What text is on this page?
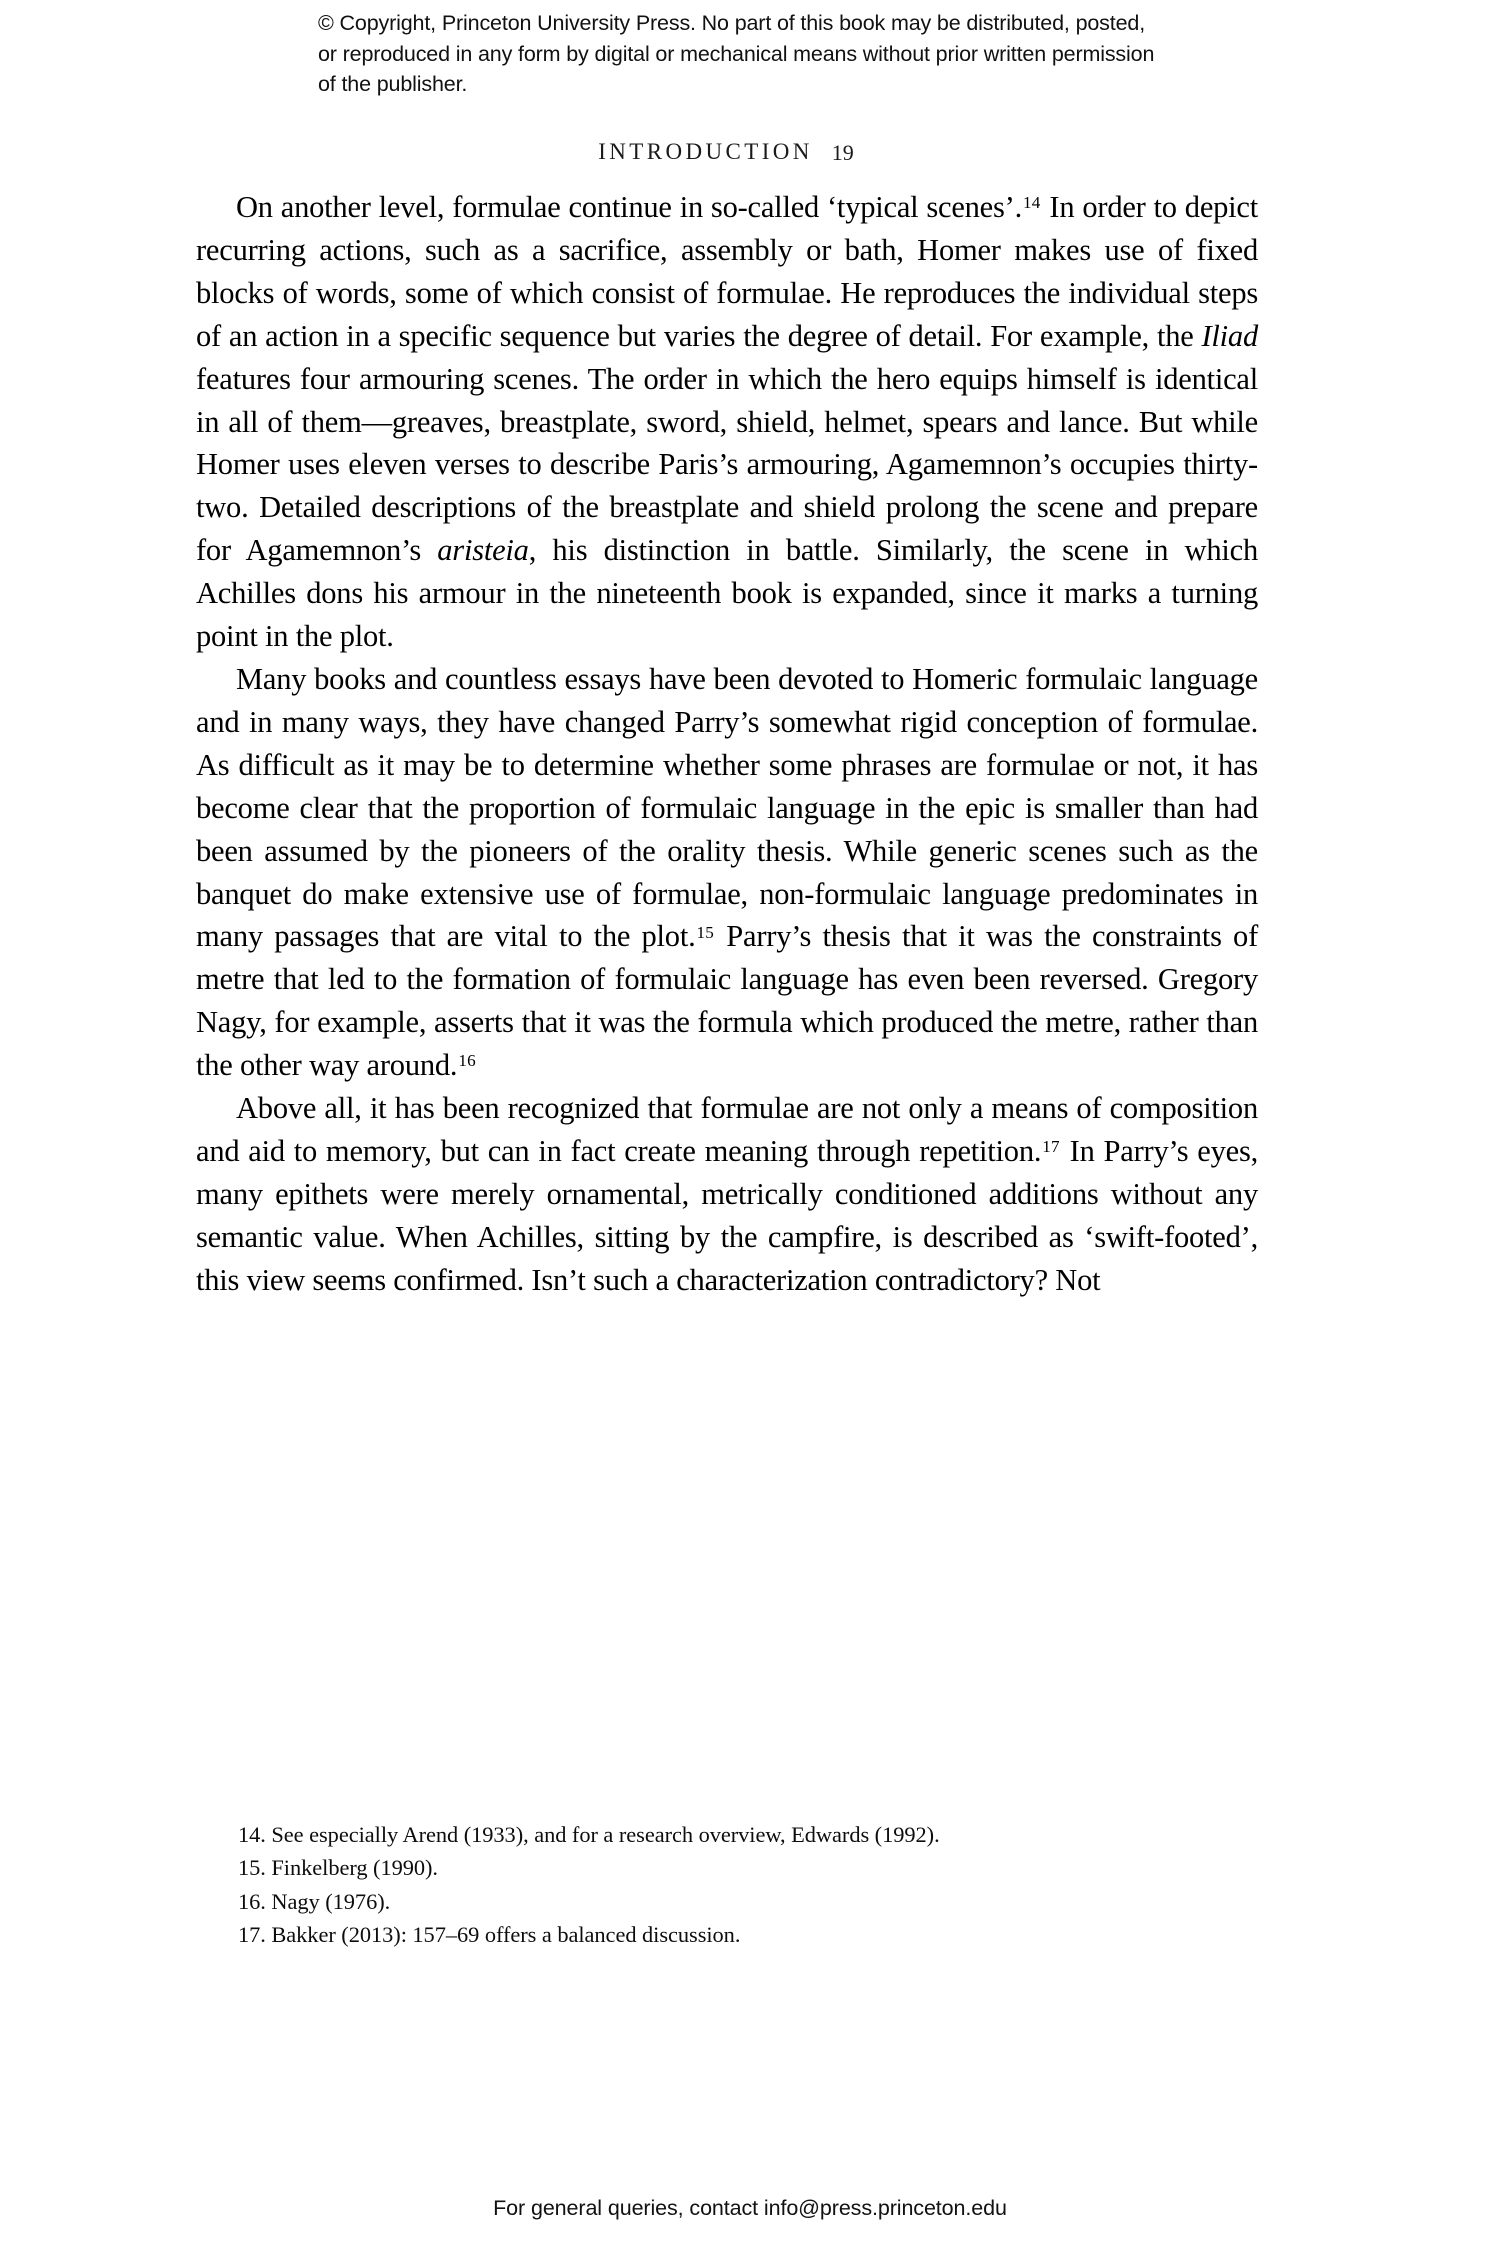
© Copyright, Princeton University Press. No part of this book may be distributed, posted, or reproduced in any form by digital or mechanical means without prior written permission of the publisher.
INTRODUCTION 19

On another level, formulae continue in so-called ‘typical scenes’.$^{14}$ In order to depict recurring actions, such as a sacrifice, assembly or bath, Homer makes use of fixed blocks of words, some of which consist of formulae. He reproduces the individual steps of an action in a specific sequence but varies the degree of detail. For example, the Iliad features four armouring scenes. The order in which the hero equips himself is identical in all of them—greaves, breastplate, sword, shield, helmet, spears and lance. But while Homer uses eleven verses to describe Paris’s armouring, Agamemnon’s occupies thirty-two. Detailed descriptions of the breastplate and shield prolong the scene and prepare for Agamemnon’s aristeia, his distinction in battle. Similarly, the scene in which Achilles dons his armour in the nineteenth book is expanded, since it marks a turning point in the plot.

Many books and countless essays have been devoted to Homeric formulaic language and in many ways, they have changed Parry’s somewhat rigid conception of formulae. As difficult as it may be to determine whether some phrases are formulae or not, it has become clear that the proportion of formulaic language in the epic is smaller than had been assumed by the pioneers of the orality thesis. While generic scenes such as the banquet do make extensive use of formulae, non-formulaic language predominates in many passages that are vital to the plot.$^{15}$ Parry’s thesis that it was the constraints of metre that led to the formation of formulaic language has even been reversed. Gregory Nagy, for example, asserts that it was the formula which produced the metre, rather than the other way around.$^{16}$

Above all, it has been recognized that formulae are not only a means of composition and aid to memory, but can in fact create meaning through repetition.$^{17}$ In Parry’s eyes, many epithets were merely ornamental, metrically conditioned additions without any semantic value. When Achilles, sitting by the campfire, is described as ‘swift-footed’, this view seems confirmed. Isn’t such a characterization contradictory? Not

14. See especially Arend (1933), and for a research overview, Edwards (1992).
15. Finkelberg (1990).
16. Nagy (1976).
17. Bakker (2013): 157–69 offers a balanced discussion.
For general queries, contact info@press.princeton.edu
